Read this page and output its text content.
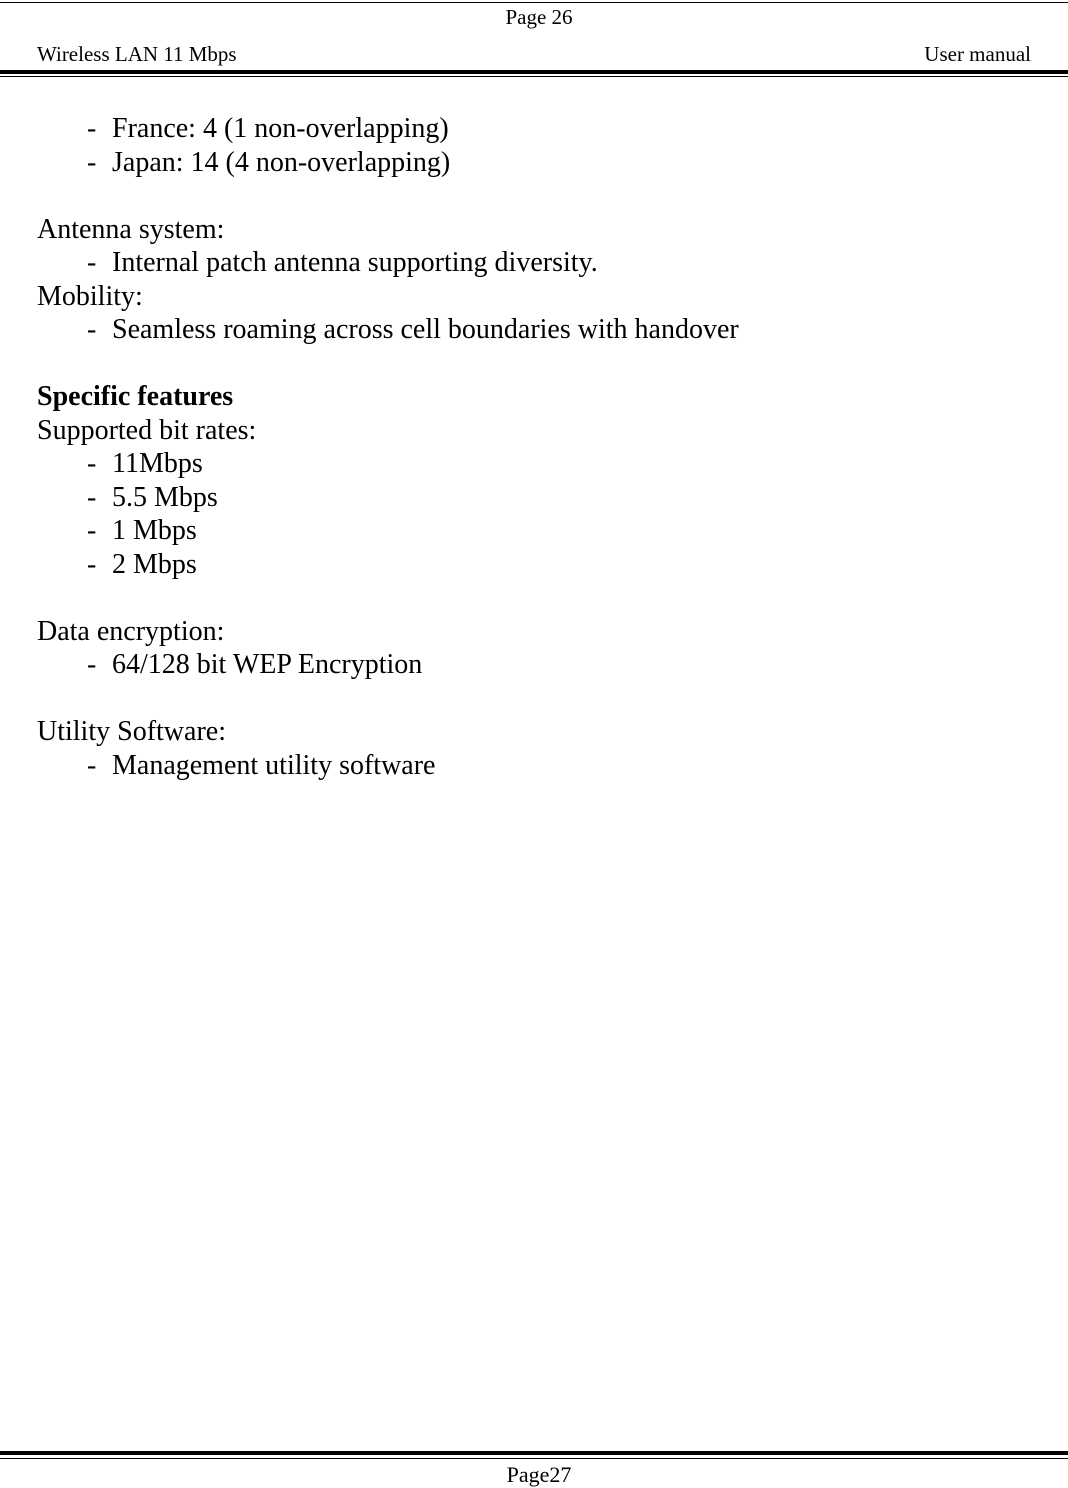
Page 26
Wireless LAN 11 Mbps	User manual
- France: 4 (1 non-overlapping)
- Japan: 14 (4 non-overlapping)
Antenna system:
- Internal patch antenna supporting diversity.
Mobility:
- Seamless roaming across cell boundaries with handover
Specific features
Supported bit rates:
- 11Mbps
- 5.5 Mbps
- 1 Mbps
- 2 Mbps
Data encryption:
- 64/128 bit WEP Encryption
Utility Software:
- Management utility software
Page27
